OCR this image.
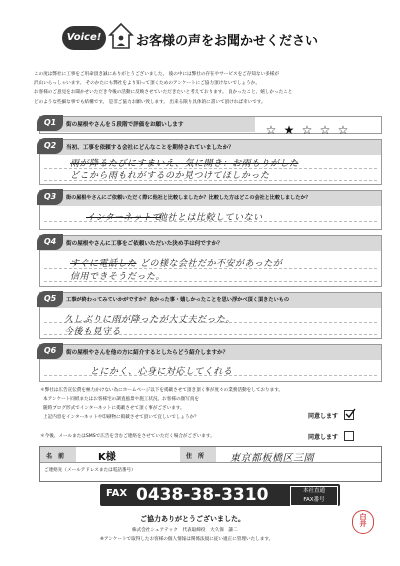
Voice!	お客様の声をお聞かせください
この度は弊社に工事をご用命頂き誠にありがとうございました。 彼の中には弊社の存在やサービスをご存知ない多様が
沢山いらっしゃいます。 そのかたにも弊社をより知って頂くためのアンケートにご協力頂けないでしょうか。
お客様のご意見をお聞かせいただき今後の活動に反映させていただきたいと考えております。 良かったこと、嬉しかったこと
どのような些細な事でも結構です。 是非ご協力お願い致します。 出来る限り具体的に書いて頂ければ幸いです。
Q1	街の屋根やさんを５段階で評価をお願いします	☆ ★ ☆ ☆ ☆
Q2	当初、工事を依頼する会社にどんなことを期待されていましたか？
雨が降るたびにすまいえ、気に開き：お雨もりがした
どこから雨もれがするのか見つけてほしかった
Q3	街の屋根やさんにご依頼いただく際に他社と比較しましたか？比較した方はどこの会社と比較しましたか？
インターネットで
他社とは比較していない
Q4	街の屋根やさんに工事をご依頼いただいた決め手は何ですか？
すぐに電話した どの様な会社だか不安があったが
信用できそうだった。
Q5	工事が終わってみていかがですか？良かった事・嬉しかったことを思い浮かべ頂く頂きたいもの
久しぶりに雨が降ったが大丈夫だった。
今後も見守る
Q6	街の屋根やさんを他の方に紹介するとしたらどう紹介しますか？
とにかく、心身に対応してくれる
＊弊社は広告宣伝費を極力かけない為にホームページ以下を掲載させて頂き頂く事が度々の業務活動をしております。
本アンケート同紙またはお客様宅の調査風景や施工状況、お客様の顔写真を
随時ブログ形式でインターネットに掲載させて頂く事がございます。
上記内容をインターネットや印刷物に掲載させて頂いて宜しいでしょうか？	同意します
＊今後、メールまたはSMSで広告を含むご連絡をさせていただく場合がございます。	同意します
名　前	K様	住　所	東京都板橋区三園
ご連絡先（メールアドレスまたは電話番号）
FAX 0438-38-3310	本社直通
FAX番号
ご協力ありがとうございました。
株式会社シェアテック　代表取締役　大久保　謙二
※アンケートで取得したお客様の個人情報は関係法規に従い適正に管理いたします。
白井
